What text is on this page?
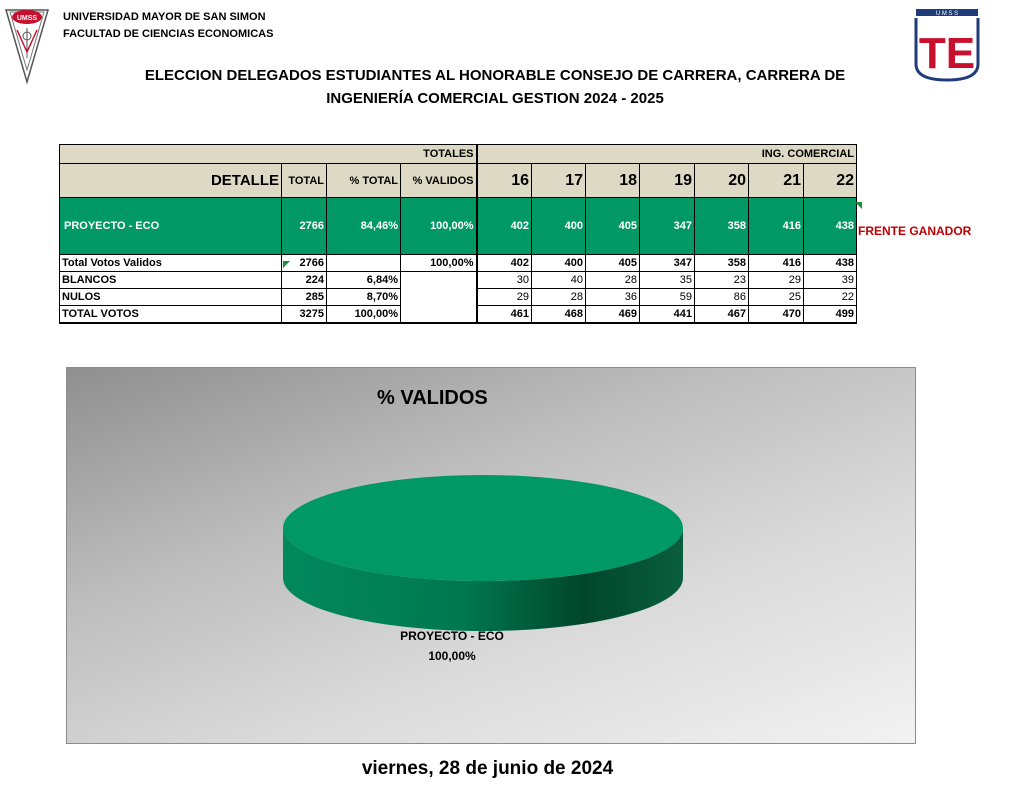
UMSS UNIVERSIDAD MAYOR DE SAN SIMON
FACULTAD DE CIENCIAS ECONOMICAS
U M S S
TE
ELECCION DELEGADOS ESTUDIANTES AL HONORABLE CONSEJO DE CARRERA, CARRERA DE
INGENIERÍA COMERCIAL GESTION 2024 - 2025
TOTALES				ING. COMERCIAL						
DETALLE	TOTAL	% TOTAL	% VALIDOS	16	17	18	19	20	21	22
PROYECTO - ECO	2766	84,46%	100,00%	402	400	405	347	358	416	438
Total Votos Validos	2766		100,00%	402	400	405	347	358	416	438
BLANCOS	224	6,84%		30	40	28	35	23	29	39
NULOS	285	8,70%		29	28	36	59	86	25	22
TOTAL VOTOS	3275	100,00%		461	468	469	441	467	470	499
FRENTE GANADOR
% VALIDOS
PROYECTO - ECO
100,00%
viernes, 28 de junio de 2024
